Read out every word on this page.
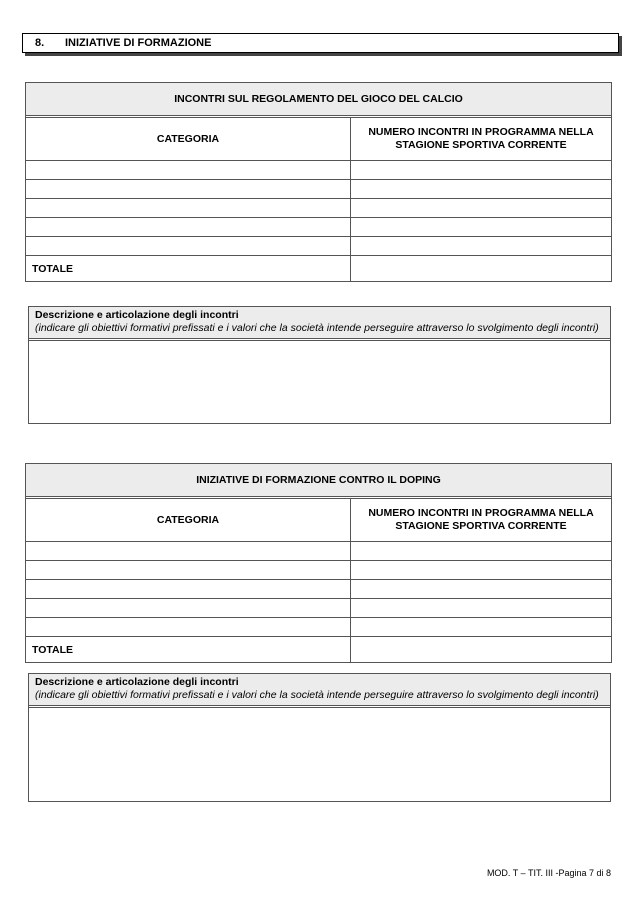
8.	INIZIATIVE DI FORMAZIONE
INCONTRI SUL REGOLAMENTO DEL GIOCO DEL CALCIO
CATEGORIA
NUMERO INCONTRI IN PROGRAMMA NELLA STAGIONE SPORTIVA CORRENTE
TOTALE
Descrizione e articolazione degli incontri
(indicare gli obiettivi formativi prefissati e i valori che la società intende perseguire attraverso lo svolgimento degli incontri)
INIZIATIVE DI FORMAZIONE CONTRO IL DOPING
CATEGORIA
NUMERO INCONTRI IN PROGRAMMA NELLA STAGIONE SPORTIVA CORRENTE
TOTALE
Descrizione e articolazione degli incontri
(indicare gli obiettivi formativi prefissati e i valori che la società intende perseguire attraverso lo svolgimento degli incontri)
MOD. T – TIT. III -Pagina 7 di 8
